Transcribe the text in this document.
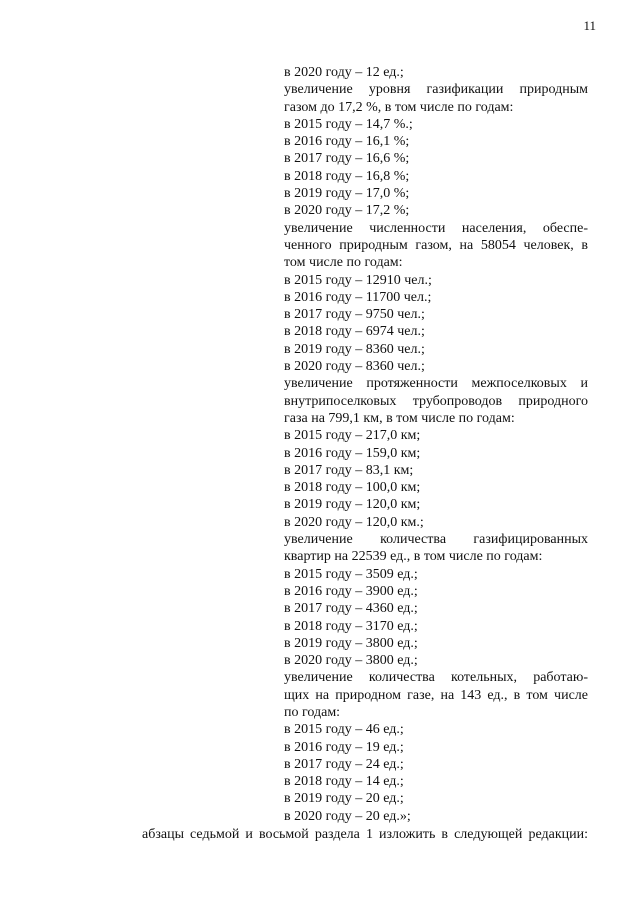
11
в 2020 году – 12 ед.;
увеличение уровня газификации природным
газом до 17,2 %, в том числе по годам:
в 2015 году – 14,7 %.;
в 2016 году – 16,1 %;
в 2017 году – 16,6 %;
в 2018 году – 16,8 %;
в 2019 году – 17,0 %;
в 2020 году – 17,2 %;
увеличение численности населения, обеспе-
ченного природным газом, на 58054 человек, в
том числе по годам:
в 2015 году – 12910 чел.;
в 2016 году – 11700 чел.;
в 2017 году – 9750 чел.;
в 2018 году – 6974 чел.;
в 2019 году – 8360 чел.;
в 2020 году – 8360 чел.;
увеличение протяженности межпоселковых и
внутрипоселковых трубопроводов природного
газа на 799,1 км, в том числе по годам:
в 2015 году – 217,0 км;
в 2016 году – 159,0 км;
в 2017 году – 83,1 км;
в 2018 году – 100,0 км;
в 2019 году – 120,0 км;
в 2020 году – 120,0 км.;
увеличение количества газифицированных
квартир на 22539 ед., в том числе по годам:
в 2015 году – 3509 ед.;
в 2016 году – 3900 ед.;
в 2017 году – 4360 ед.;
в 2018 году – 3170 ед.;
в 2019 году – 3800 ед.;
в 2020 году – 3800 ед.;
увеличение количества котельных, работаю-
щих на природном газе, на 143 ед., в том числе
по годам:
в 2015 году – 46 ед.;
в 2016 году – 19 ед.;
в 2017 году – 24 ед.;
в 2018 году – 14 ед.;
в 2019 году – 20 ед.;
в 2020 году – 20 ед.»;
абзацы седьмой и восьмой раздела 1 изложить в следующей редакции:
